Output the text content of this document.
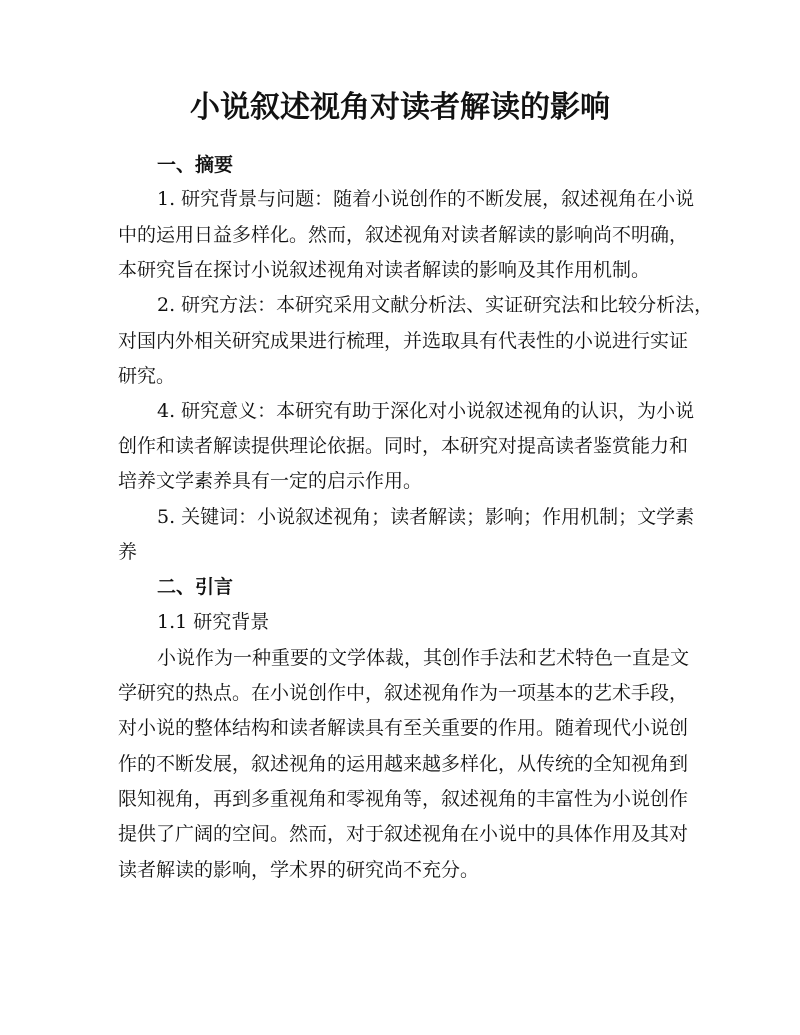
小说叙述视角对读者解读的影响
一、摘要
1. 研究背景与问题：随着小说创作的不断发展，叙述视角在小说
中的运用日益多样化。然而，叙述视角对读者解读的影响尚不明确，
本研究旨在探讨小说叙述视角对读者解读的影响及其作用机制。
2. 研究方法：本研究采用文献分析法、实证研究法和比较分析法，
对国内外相关研究成果进行梳理，并选取具有代表性的小说进行实证
研究。
4. 研究意义：本研究有助于深化对小说叙述视角的认识，为小说
创作和读者解读提供理论依据。同时，本研究对提高读者鉴赏能力和
培养文学素养具有一定的启示作用。
5. 关键词：小说叙述视角；读者解读；影响；作用机制；文学素
养
二、引言
1.1 研究背景
小说作为一种重要的文学体裁，其创作手法和艺术特色一直是文
学研究的热点。在小说创作中，叙述视角作为一项基本的艺术手段，
对小说的整体结构和读者解读具有至关重要的作用。随着现代小说创
作的不断发展，叙述视角的运用越来越多样化，从传统的全知视角到
限知视角，再到多重视角和零视角等，叙述视角的丰富性为小说创作
提供了广阔的空间。然而，对于叙述视角在小说中的具体作用及其对
读者解读的影响，学术界的研究尚不充分。
